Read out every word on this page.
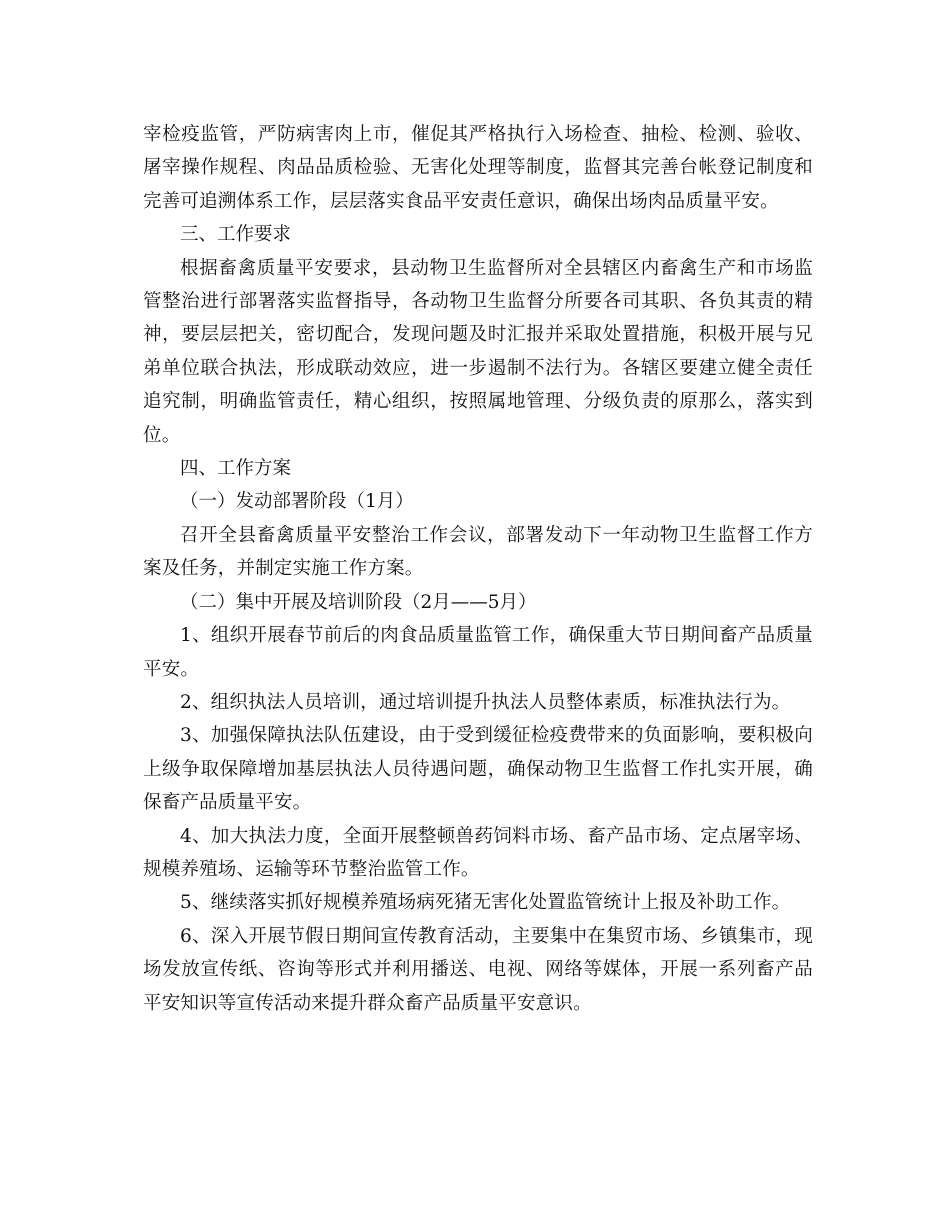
宰检疫监管，严防病害肉上市，催促其严格执行入场检查、抽检、检测、验收、屠宰操作规程、肉品品质检验、无害化处理等制度，监督其完善台帐登记制度和完善可追溯体系工作，层层落实食品平安责任意识，确保出场肉品质量平安。

三、工作要求

根据畜禽质量平安要求，县动物卫生监督所对全县辖区内畜禽生产和市场监管整治进行部署落实监督指导，各动物卫生监督分所要各司其职、各负其责的精神，要层层把关，密切配合，发现问题及时汇报并采取处置措施，积极开展与兄弟单位联合执法，形成联动效应，进一步遏制不法行为。各辖区要建立健全责任追究制，明确监管责任，精心组织，按照属地管理、分级负责的原那么，落实到位。

四、工作方案

（一）发动部署阶段（1月）

召开全县畜禽质量平安整治工作会议，部署发动下一年动物卫生监督工作方案及任务，并制定实施工作方案。

（二）集中开展及培训阶段（2月——5月）

1、组织开展春节前后的肉食品质量监管工作，确保重大节日期间畜产品质量平安。

2、组织执法人员培训，通过培训提升执法人员整体素质，标准执法行为。

3、加强保障执法队伍建设，由于受到缓征检疫费带来的负面影响，要积极向上级争取保障增加基层执法人员待遇问题，确保动物卫生监督工作扎实开展，确保畜产品质量平安。

4、加大执法力度，全面开展整顿兽药饲料市场、畜产品市场、定点屠宰场、规模养殖场、运输等环节整治监管工作。

5、继续落实抓好规模养殖场病死猪无害化处置监管统计上报及补助工作。

6、深入开展节假日期间宣传教育活动，主要集中在集贸市场、乡镇集市，现场发放宣传纸、咨询等形式并利用播送、电视、网络等媒体，开展一系列畜产品平安知识等宣传活动来提升群众畜产品质量平安意识。
